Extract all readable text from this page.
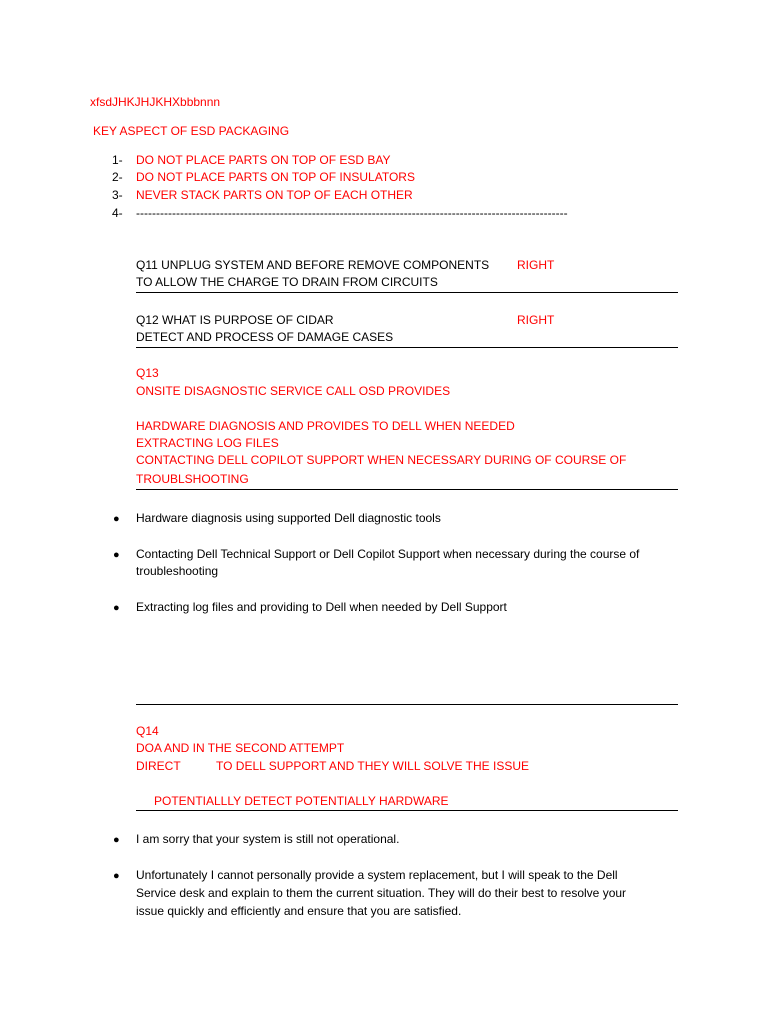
xfsdJHKJHJKHXbbbnnn
KEY ASPECT OF ESD PACKAGING
1- DO NOT PLACE PARTS ON TOP OF ESD BAY
2- DO NOT PLACE PARTS ON TOP OF INSULATORS
3- NEVER STACK PARTS ON TOP OF EACH OTHER
4- ------------------------------------------------------------------------------------------------------------
Q11 UNPLUG SYSTEM AND BEFORE REMOVE COMPONENTS RIGHT
TO ALLOW THE CHARGE TO DRAIN FROM CIRCUITS
Q12 WHAT IS PURPOSE OF CIDAR	RIGHT
DETECT AND PROCESS OF DAMAGE CASES
Q13
ONSITE DISAGNOSTIC SERVICE CALL OSD PROVIDES
HARDWARE DIAGNOSIS AND PROVIDES TO DELL WHEN NEEDED
EXTRACTING LOG FILES
CONTACTING DELL COPILOT SUPPORT WHEN NECESSARY DURING OF COURSE OF
TROUBLSHOOTING
● Hardware diagnosis using supported Dell diagnostic tools
● Contacting Dell Technical Support or Dell Copilot Support when necessary during the course of
troubleshooting
● Extracting log files and providing to Dell when needed by Dell Support
Q14
DOA AND IN THE SECOND ATTEMPT
DIRECT	TO DELL SUPPORT AND THEY WILL SOLVE THE ISSUE
POTENTIALLLY DETECT POTENTIALLY HARDWARE
● I am sorry that your system is still not operational.
● Unfortunately I cannot personally provide a system replacement, but I will speak to the Dell
Service desk and explain to them the current situation. They will do their best to resolve your
issue quickly and efficiently and ensure that you are satisfied.
